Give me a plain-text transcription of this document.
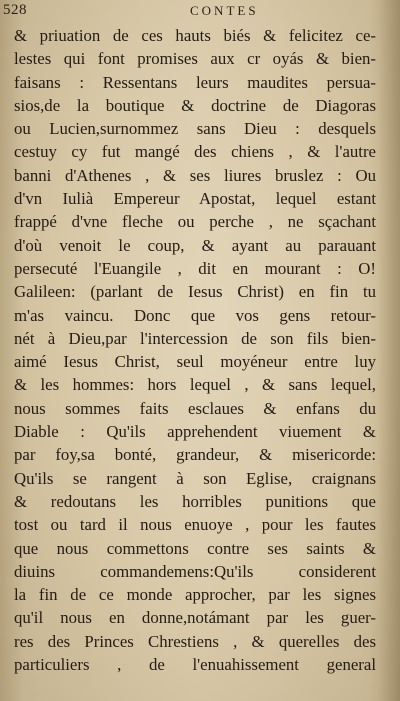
528	CONTES
& priuation de ces hauts biés & felicitez ce-
lestes qui font promises aux cr oyás & bien-
faisans : Ressentans leurs maudites persua-
sios,de la boutique & doctrine de Diagoras
ou Lucien,surnommez sans Dieu : desquels
cestuy cy fut mangé des chiens , & l'autre
banni d'Athenes , & ses liures bruslez : Ou
d'vn Iulià Empereur Apostat, lequel estant
frappé d'vne fleche ou perche , ne sçachant
d'où venoit le coup, & ayant au parauant
persecuté l'Euangile , dit en mourant : O!
Galileen: (parlant de Iesus Christ) en fin tu
m'as vaincu. Donc que vos gens retour-
nét à Dieu,par l'intercession de son fils bien-
aimé Iesus Christ, seul moyéneur entre luy
& les hommes: hors lequel , & sans lequel,
nous sommes faits esclaues & enfans du
Diable : Qu'ils apprehendent viuement &
par foy,sa bonté, grandeur, & misericorde:
Qu'ils se rangent à son Eglise, craignans
& redoutans les horribles punitions que
tost ou tard il nous enuoye , pour les fautes
que nous commettons contre ses saints &
diuins commandemens:Qu'ils considerent
la fin de ce monde approcher, par les signes
qu'il nous en donne,notámant par les guer-
res des Princes Chrestiens , & querelles des
particuliers , de l'enuahissement general
